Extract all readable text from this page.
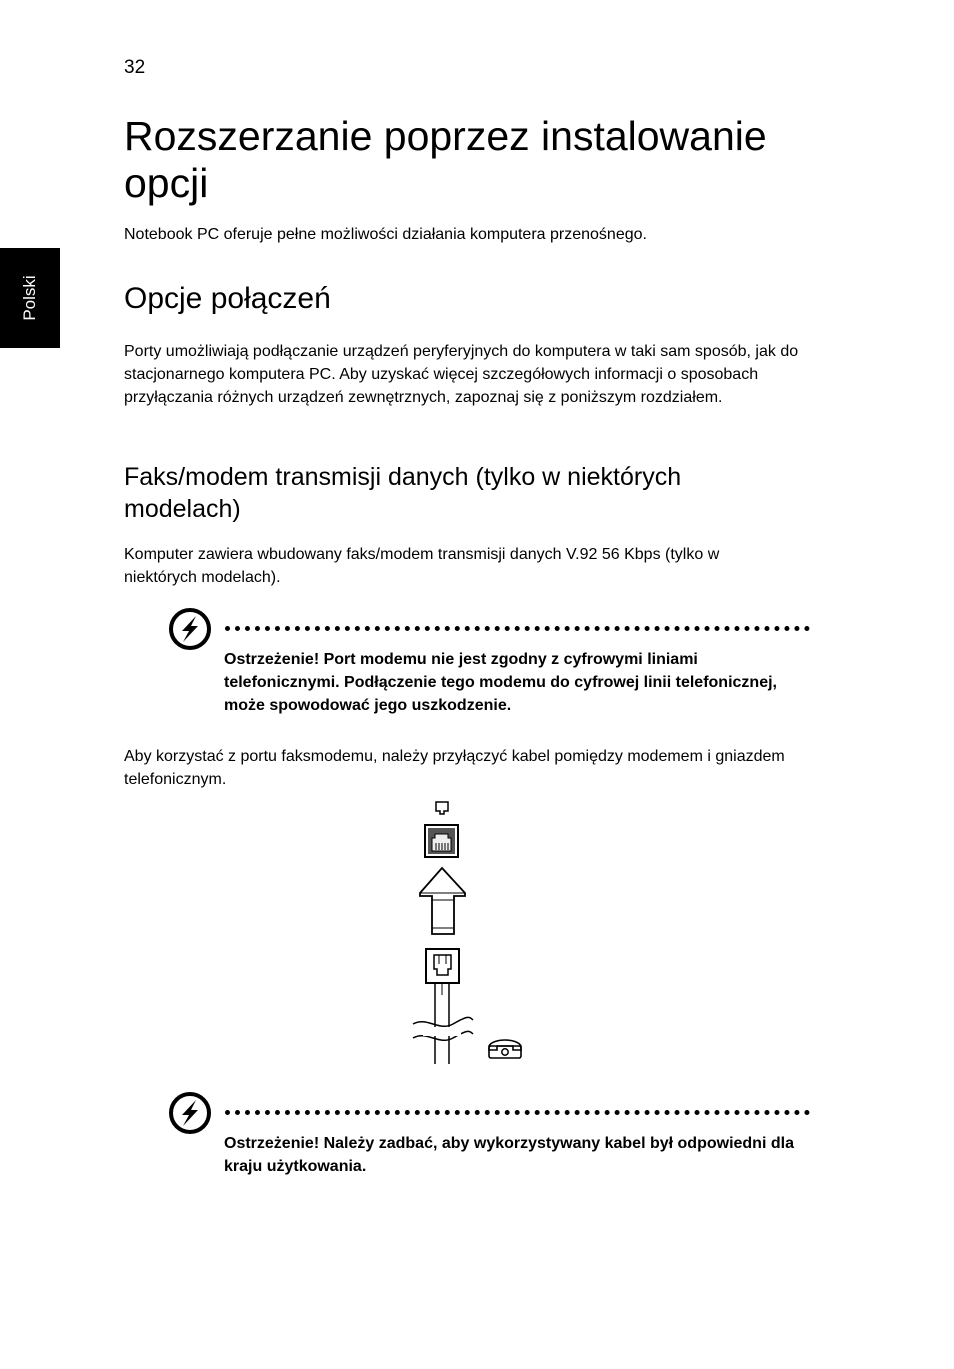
32
Rozszerzanie poprzez instalowanie opcji

Notebook PC oferuje pełne możliwości działania komputera przenośnego.

Polski	Opcje połączeń

Porty umożliwiają podłączanie urządzeń peryferyjnych do komputera w taki sam sposób, jak do stacjonarnego komputera PC. Aby uzyskać więcej szczegółowych informacji o sposobach przyłączania różnych urządzeń zewnętrznych, zapoznaj się z poniższym rozdziałem.

Faks/modem transmisji danych (tylko w niektórych modelach)

Komputer zawiera wbudowany faks/modem transmisji danych V.92 56 Kbps (tylko w niektórych modelach).

Ostrzeżenie! Port modemu nie jest zgodny z cyfrowymi liniami telefonicznymi. Podłączenie tego modemu do cyfrowej linii telefonicznej, może spowodować jego uszkodzenie.

Aby korzystać z portu faksmodemu, należy przyłączyć kabel pomiędzy modemem i gniazdem telefonicznym.

Ostrzeżenie! Należy zadbać, aby wykorzystywany kabel był odpowiedni dla kraju użytkowania.
